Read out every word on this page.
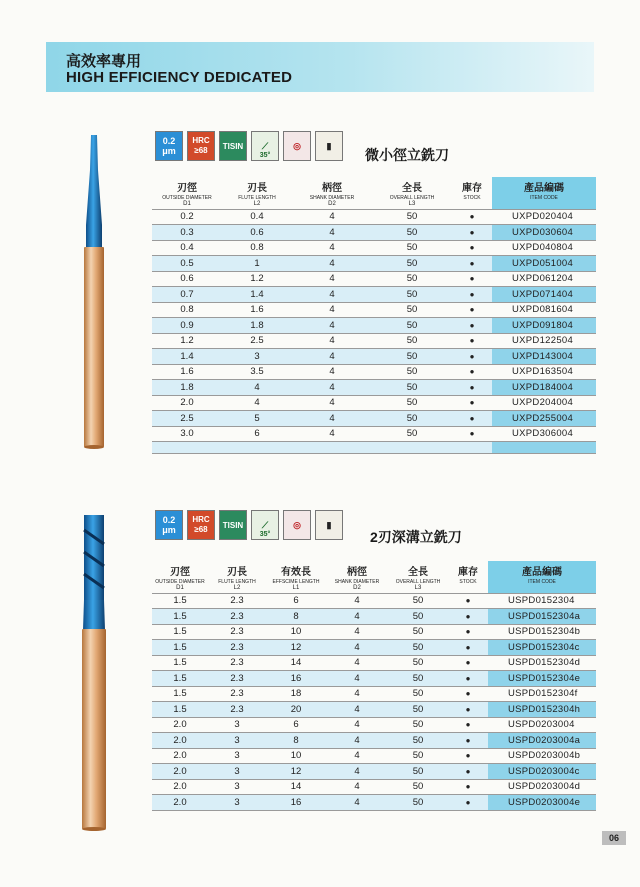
高效率專用
HIGH EFFICIENCY DEDICATED
0.2
μm
HRC
≥68	TISIN
35°
⟋	◎	▮
微小徑立銑刀
刃徑
OUTSIDE DIAMETER
D1	刃長
FLUTE LENGTH
L2	柄徑
SHANK DIAMETER
D2	全長
OVERALL LENGTH
L3	庫存
STOCK	產品編碼
ITEM CODE

0.2	0.4	4	50	●	UXPD020404
0.3	0.6	4	50	●	UXPD030604
0.4	0.8	4	50	●	UXPD040804
0.5	1	4	50	●	UXPD051004
0.6	1.2	4	50	●	UXPD061204
0.7	1.4	4	50	●	UXPD071404
0.8	1.6	4	50	●	UXPD081604
0.9	1.8	4	50	●	UXPD091804
1.2	2.5	4	50	●	UXPD122504
1.4	3	4	50	●	UXPD143004
1.6	3.5	4	50	●	UXPD163504
1.8	4	4	50	●	UXPD184004
2.0	4	4	50	●	UXPD204004
2.5	5	4	50	●	UXPD255004
3.0	6	4	50	●	UXPD306004

0.2
μm
HRC
≥68	TISIN
35°
⟋	◎	▮
2刃深溝立銑刀
刃徑
OUTSIDE DIAMETER
D1	刃長
FLUTE LENGTH
L2	有效長
EFFSCIME LENGTH
L1	柄徑
SHANK DIAMETER
D2	全長
OVERALL LENGTH
L3	庫存
STOCK	產品編碼
ITEM CODE

1.5	2.3	6	4	50	●	USPD0152304
1.5	2.3	8	4	50	●	USPD0152304a
1.5	2.3	10	4	50	●	USPD0152304b
1.5	2.3	12	4	50	●	USPD0152304c
1.5	2.3	14	4	50	●	USPD0152304d
1.5	2.3	16	4	50	●	USPD0152304e
1.5	2.3	18	4	50	●	USPD0152304f
1.5	2.3	20	4	50	●	USPD0152304h
2.0	3	6	4	50	●	USPD0203004
2.0	3	8	4	50	●	USPD0203004a
2.0	3	10	4	50	●	USPD0203004b
2.0	3	12	4	50	●	USPD0203004c
2.0	3	14	4	50	●	USPD0203004d
2.0	3	16	4	50	●	USPD0203004e
06
